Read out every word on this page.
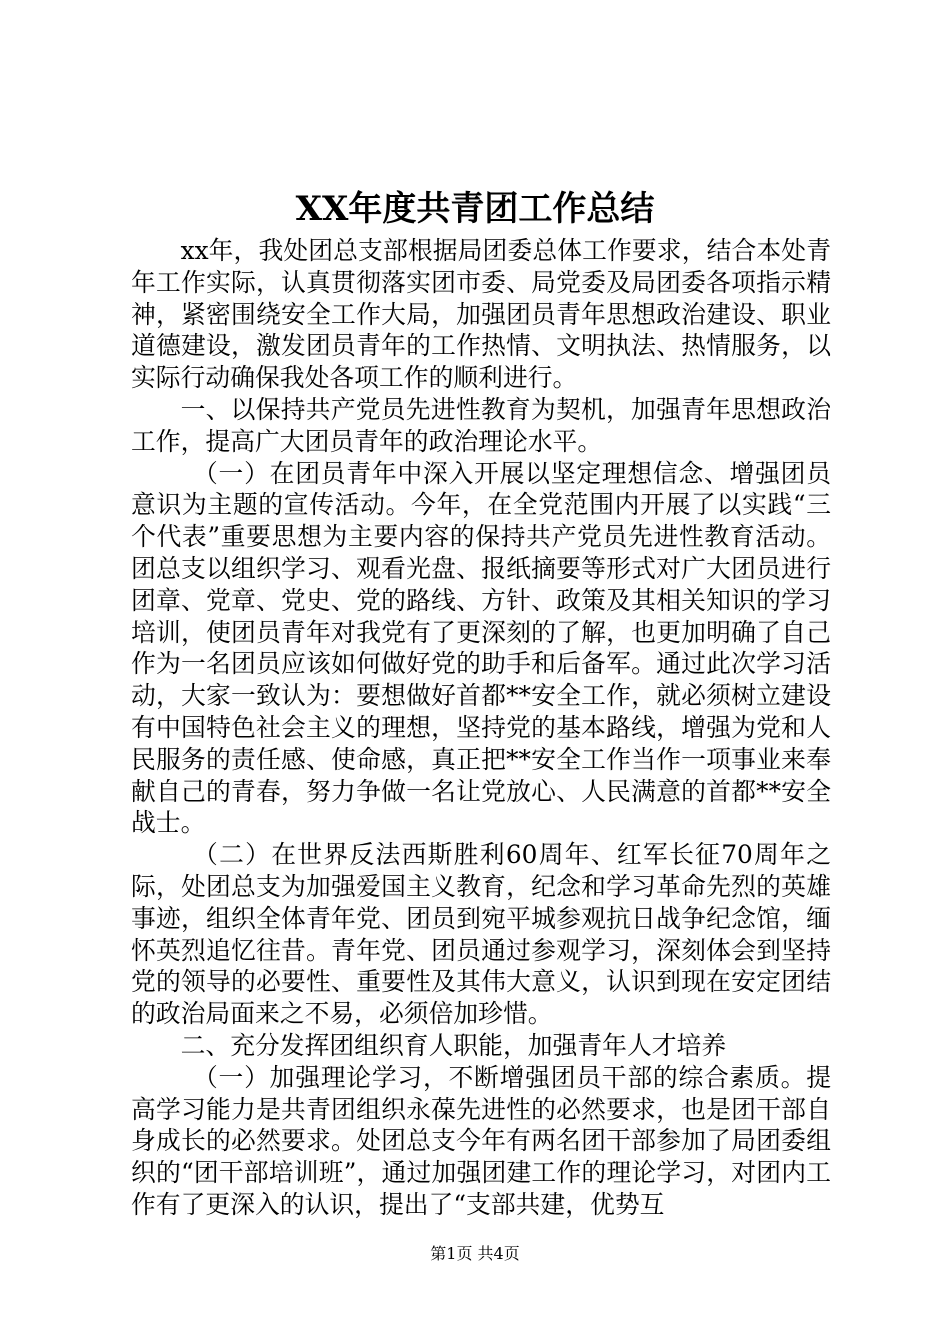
XX年度共青团工作总结

xx年，我处团总支部根据局团委总体工作要求，结合本处青年工作实际，认真贯彻落实团市委、局党委及局团委各项指示精神，紧密围绕安全工作大局，加强团员青年思想政治建设、职业道德建设，激发团员青年的工作热情、文明执法、热情服务，以实际行动确保我处各项工作的顺利进行。

一、以保持共产党员先进性教育为契机，加强青年思想政治工作，提高广大团员青年的政治理论水平。

（一）在团员青年中深入开展以坚定理想信念、增强团员意识为主题的宣传活动。今年，在全党范围内开展了以实践“三个代表”重要思想为主要内容的保持共产党员先进性教育活动。团总支以组织学习、观看光盘、报纸摘要等形式对广大团员进行团章、党章、党史、党的路线、方针、政策及其相关知识的学习培训，使团员青年对我党有了更深刻的了解，也更加明确了自己作为一名团员应该如何做好党的助手和后备军。通过此次学习活动，大家一致认为：要想做好首都**安全工作，就必须树立建设有中国特色社会主义的理想，坚持党的基本路线，增强为党和人民服务的责任感、使命感，真正把**安全工作当作一项事业来奉献自己的青春，努力争做一名让党放心、人民满意的首都**安全战士。

（二）在世界反法西斯胜利60周年、红军长征70周年之际，处团总支为加强爱国主义教育，纪念和学习革命先烈的英雄事迹，组织全体青年党、团员到宛平城参观抗日战争纪念馆，缅怀英烈追忆往昔。青年党、团员通过参观学习，深刻体会到坚持党的领导的必要性、重要性及其伟大意义，认识到现在安定团结的政治局面来之不易，必须倍加珍惜。

二、充分发挥团组织育人职能，加强青年人才培养

（一）加强理论学习，不断增强团员干部的综合素质。提高学习能力是共青团组织永葆先进性的必然要求，也是团干部自身成长的必然要求。处团总支今年有两名团干部参加了局团委组织的“团干部培训班”，通过加强团建工作的理论学习，对团内工作有了更深入的认识，提出了“支部共建，优势互

第1页 共4页
